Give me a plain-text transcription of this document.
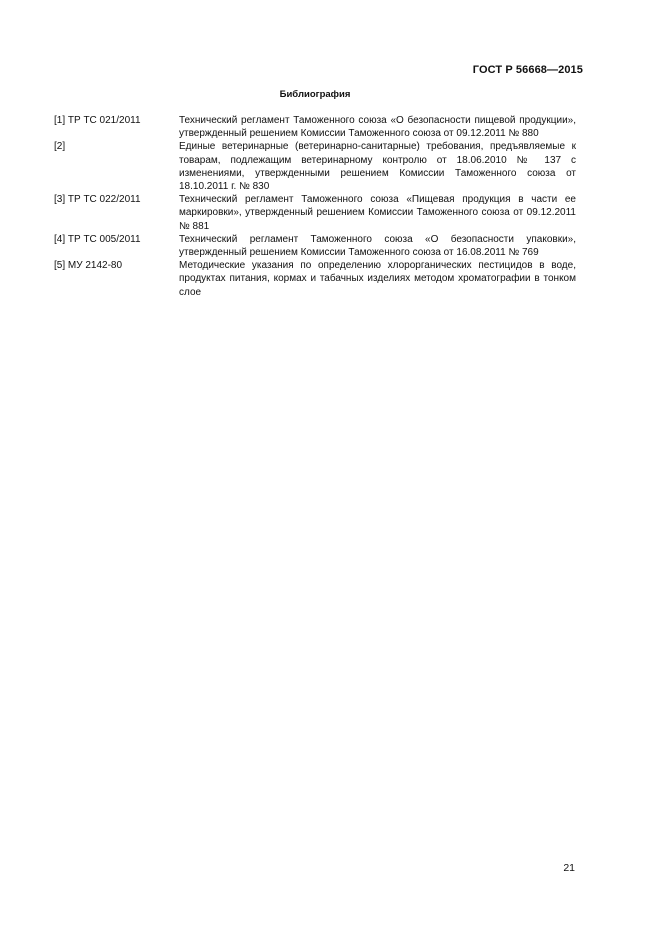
ГОСТ Р 56668—2015
Библиография
[1] ТР ТС 021/2011	Технический регламент Таможенного союза «О безопасности пищевой продукции», утвержденный решением Комиссии Таможенного союза от 09.12.2011 № 880
[2]	Единые ветеринарные (ветеринарно-санитарные) требования, предъявляемые к товарам, подлежащим ветеринарному контролю от 18.06.2010 № 137 с изменениями, утвержденными решением Комиссии Таможенного союза от 18.10.2011 г. № 830
[3] ТР ТС 022/2011	Технический регламент Таможенного союза «Пищевая продукция в части ее маркировки», утвержденный решением Комиссии Таможенного союза от 09.12.2011 № 881
[4] ТР ТС 005/2011	Технический регламент Таможенного союза «О безопасности упаковки», утвержденный решением Комиссии Таможенного союза от 16.08.2011 № 769
[5] МУ 2142-80	Методические указания по определению хлорорганических пестицидов в воде, продуктах питания, кормах и табачных изделиях методом хроматографии в тонком слое
21
